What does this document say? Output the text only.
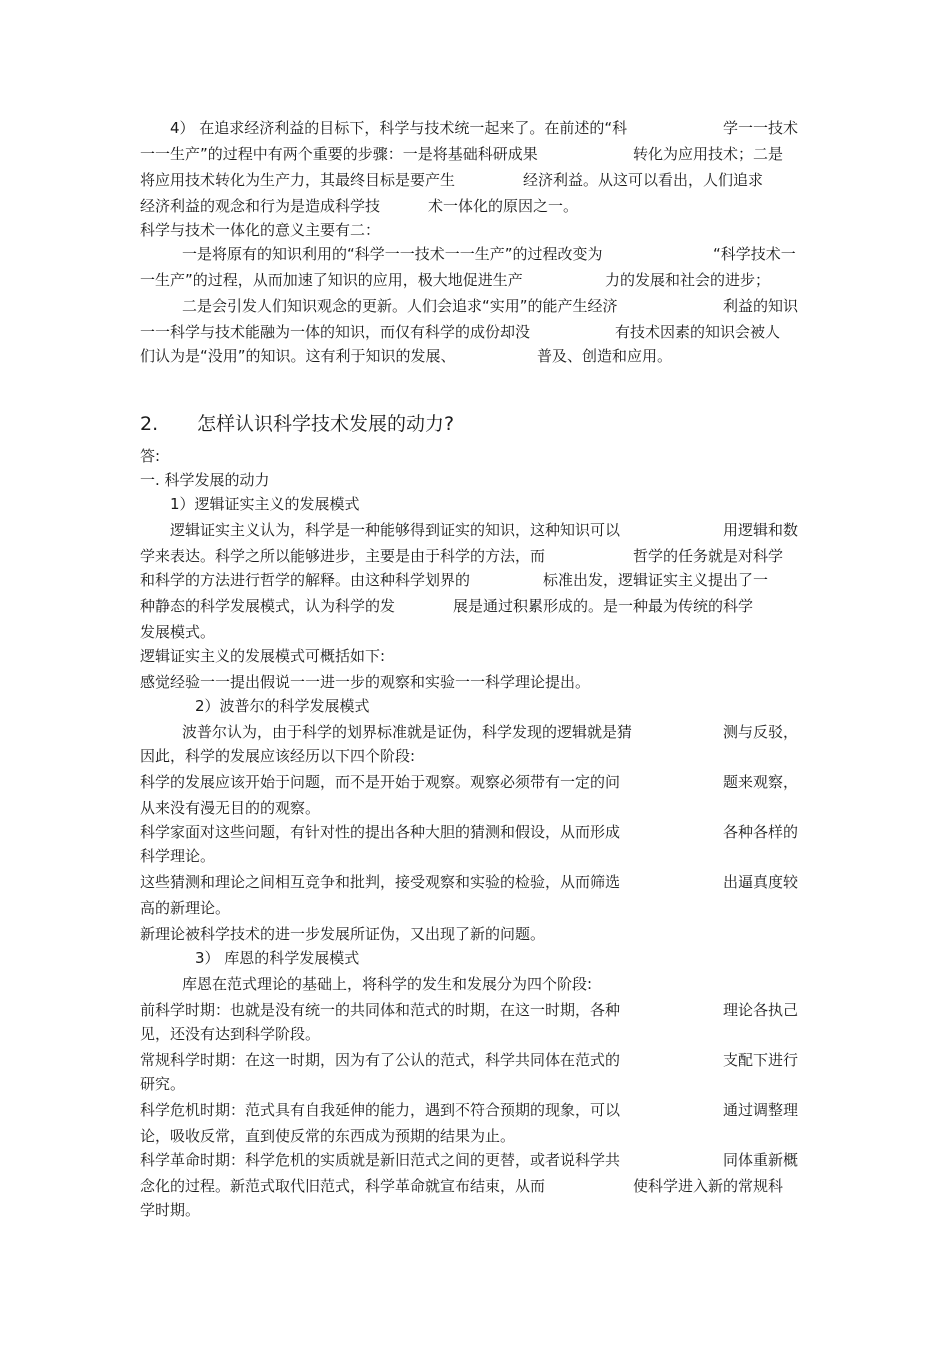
4） 在追求经济利益的目标下，科学与技术统一起来了。在前述的“科	学一一技术
一一生产”的过程中有两个重要的步骤：一是将基础科研成果	转化为应用技术；二是
将应用技术转化为生产力，其最终目标是要产生	经济利益。从这可以看出，人们追求
经济利益的观念和行为是造成科学技	术一体化的原因之一。
科学与技术一体化的意义主要有二：
一是将原有的知识利用的“科学一一技术一一生产”的过程改变为	“科学技术一
一生产”的过程，从而加速了知识的应用，极大地促进生产	力的发展和社会的进步；
二是会引发人们知识观念的更新。人们会追求“实用”的能产生经济	利益的知识
一一科学与技术能融为一体的知识，而仅有科学的成份却没	有技术因素的知识会被人
们认为是“没用”的知识。这有利于知识的发展、	普及、创造和应用。
2. 怎样认识科学技术发展的动力?
答:
一. 科学发展的动力
1）逻辑证实主义的发展模式
逻辑证实主义认为，科学是一种能够得到证实的知识，这种知识可以	用逻辑和数
学来表达。科学之所以能够进步，主要是由于科学的方法，而	哲学的任务就是对科学
和科学的方法进行哲学的解释。由这种科学划界的	标准出发，逻辑证实主义提出了一
种静态的科学发展模式，认为科学的发	展是通过积累形成的。是一种最为传统的科学
发展模式。
逻辑证实主义的发展模式可概括如下:
感觉经验一一提出假说一一进一步的观察和实验一一科学理论提出。
2）波普尔的科学发展模式
波普尔认为，由于科学的划界标准就是证伪，科学发现的逻辑就是猜	测与反驳，
因此，科学的发展应该经历以下四个阶段:
科学的发展应该开始于问题，而不是开始于观察。观察必须带有一定的问	题来观察，
从来没有漫无目的的观察。
科学家面对这些问题，有针对性的提出各种大胆的猜测和假设，从而形成	各种各样的
科学理论。
这些猜测和理论之间相互竞争和批判，接受观察和实验的检验，从而筛选	出逼真度较
高的新理论。
新理论被科学技术的进一步发展所证伪，又出现了新的问题。
3） 库恩的科学发展模式
库恩在范式理论的基础上，将科学的发生和发展分为四个阶段:
前科学时期：也就是没有统一的共同体和范式的时期，在这一时期，各种	理论各执己
见，还没有达到科学阶段。
常规科学时期：在这一时期，因为有了公认的范式，科学共同体在范式的	支配下进行
研究。
科学危机时期：范式具有自我延伸的能力，遇到不符合预期的现象，可以	通过调整理
论，吸收反常，直到使反常的东西成为预期的结果为止。
科学革命时期：科学危机的实质就是新旧范式之间的更替，或者说科学共	同体重新概
念化的过程。新范式取代旧范式，科学革命就宣布结束，从而	使科学进入新的常规科
学时期。
